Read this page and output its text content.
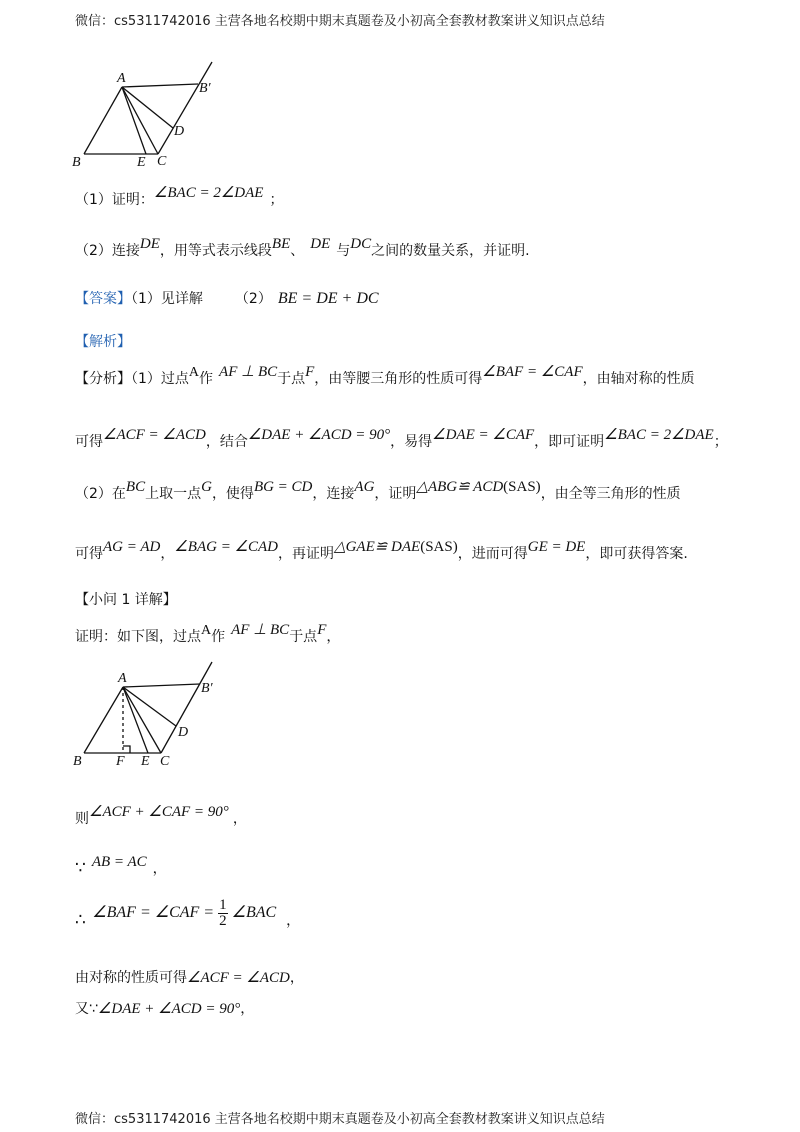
微信：cs5311742016 主营各地名校期中期末真题卷及小初高全套教材教案讲义知识点总结
A
B
B′
C
D
E
（1）证明：∠BAC = 2∠DAE ；
（2）连接DE，用等式表示线段BE、 DE 与DC之间的数量关系，并证明.
【答案】（1）见详解 （2） BE = DE + DC
【解析】
【分析】（1）过点A作 AF ⊥ BC于点F，由等腰三角形的性质可得∠BAF = ∠CAF，由轴对称的性质
可得∠ACF = ∠ACD，结合∠DAE + ∠ACD = 90°，易得∠DAE = ∠CAF，即可证明∠BAC = 2∠DAE；
（2）在BC上取一点G，使得BG = CD，连接AG，证明△ABG≌ ACD(SAS)，由全等三角形的性质
可得AG = AD，∠BAG = ∠CAD，再证明△GAE≌ DAE(SAS)，进而可得GE = DE，即可获得答案.
【小问 1 详解】
证明：如下图，过点A作 AF ⊥ BC于点F，
A
B
B′
C
D
E
F
则∠ACF + ∠CAF = 90° ，
∵ AB = AC ，
∴ ∠BAF = ∠CAF = $\frac{1}{2}$ ∠BAC ，
由对称的性质可得∠ACF = ∠ACD，
又∵∠DAE + ∠ACD = 90°，
微信：cs5311742016 主营各地名校期中期末真题卷及小初高全套教材教案讲义知识点总结
